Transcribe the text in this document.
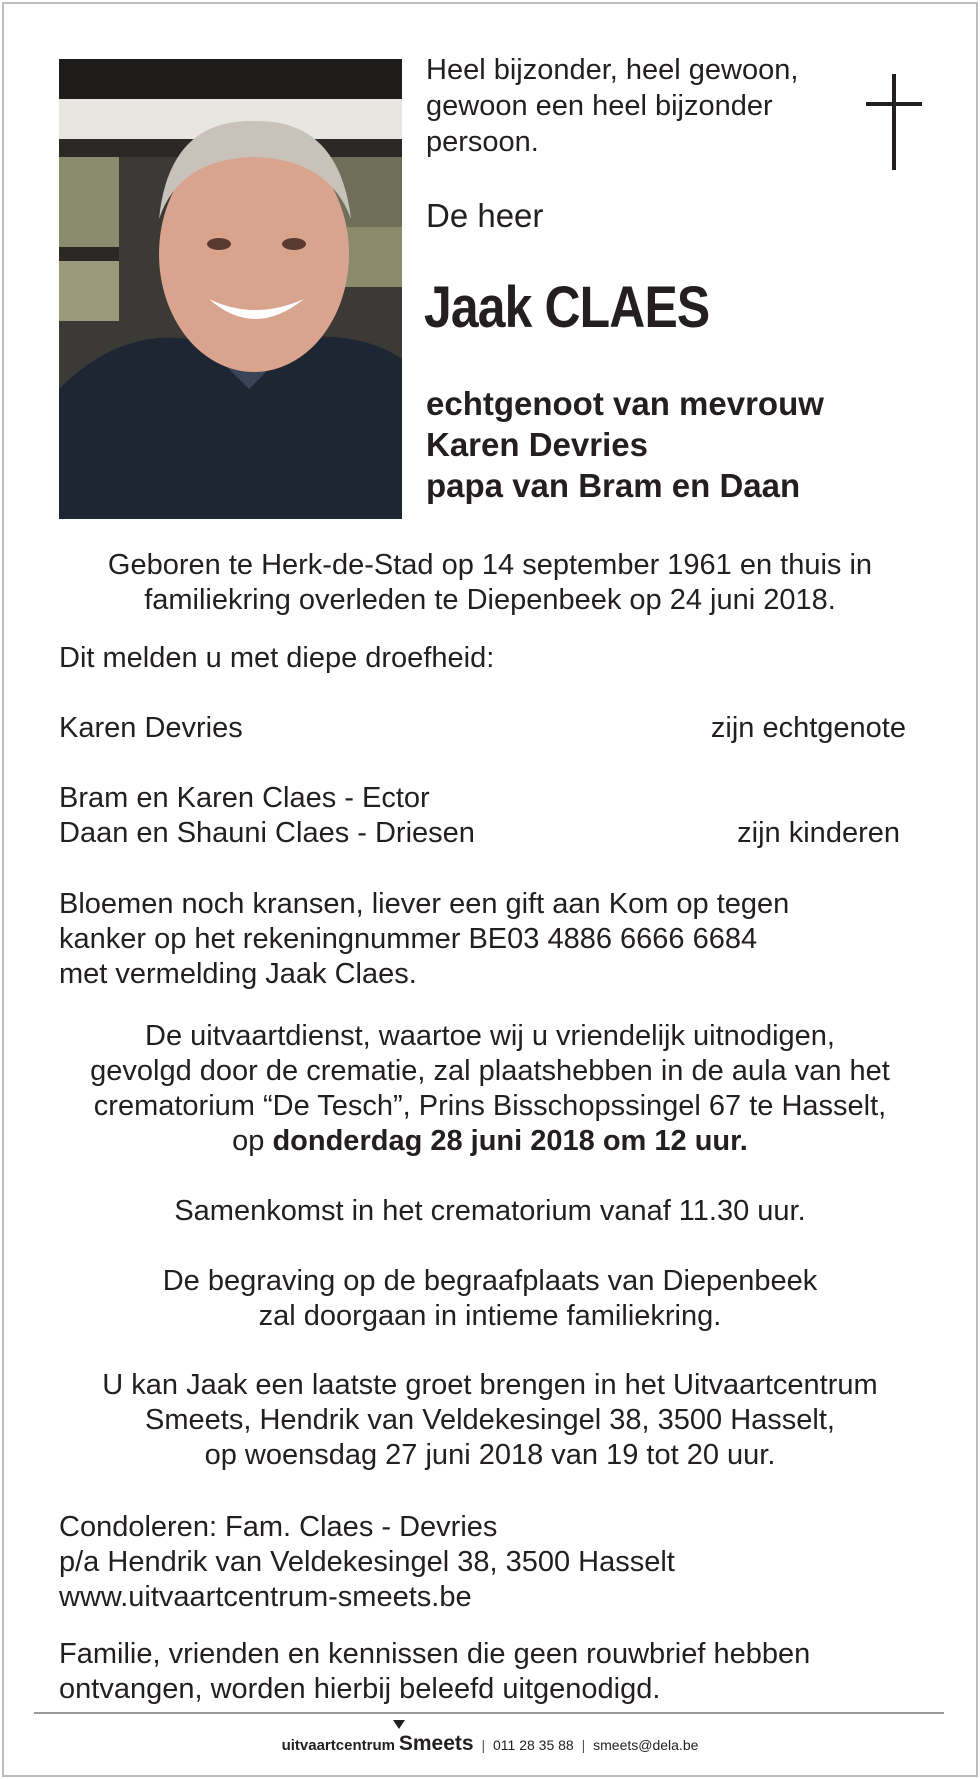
Heel bijzonder, heel gewoon,
gewoon een heel bijzonder
persoon.
De heer
Jaak CLAES
echtgenoot van mevrouw
Karen Devries
papa van Bram en Daan
Geboren te Herk-de-Stad op 14 september 1961 en thuis in
familiekring overleden te Diepenbeek op 24 juni 2018.
Dit melden u met diepe droefheid:
Karen Devries	zijn echtgenote
Bram en Karen Claes - Ector
Daan en Shauni Claes - Driesen	zijn kinderen
Bloemen noch kransen, liever een gift aan Kom op tegen
kanker op het rekeningnummer BE03 4886 6666 6684
met vermelding Jaak Claes.
De uitvaartdienst, waartoe wij u vriendelijk uitnodigen,
gevolgd door de crematie, zal plaatshebben in de aula van het
crematorium “De Tesch”, Prins Bisschopssingel 67 te Hasselt,
op donderdag 28 juni 2018 om 12 uur.
Samenkomst in het crematorium vanaf 11.30 uur.
De begraving op de begraafplaats van Diepenbeek
zal doorgaan in intieme familiekring.
U kan Jaak een laatste groet brengen in het Uitvaartcentrum
Smeets, Hendrik van Veldekesingel 38, 3500 Hasselt,
op woensdag 27 juni 2018 van 19 tot 20 uur.
Condoleren: Fam. Claes - Devries
p/a Hendrik van Veldekesingel 38, 3500 Hasselt
www.uitvaartcentrum-smeets.be
Familie, vrienden en kennissen die geen rouwbrief hebben
ontvangen, worden hierbij beleefd uitgenodigd.
uitvaartcentrum Smeets | 011 28 35 88 | smeets@dela.be
